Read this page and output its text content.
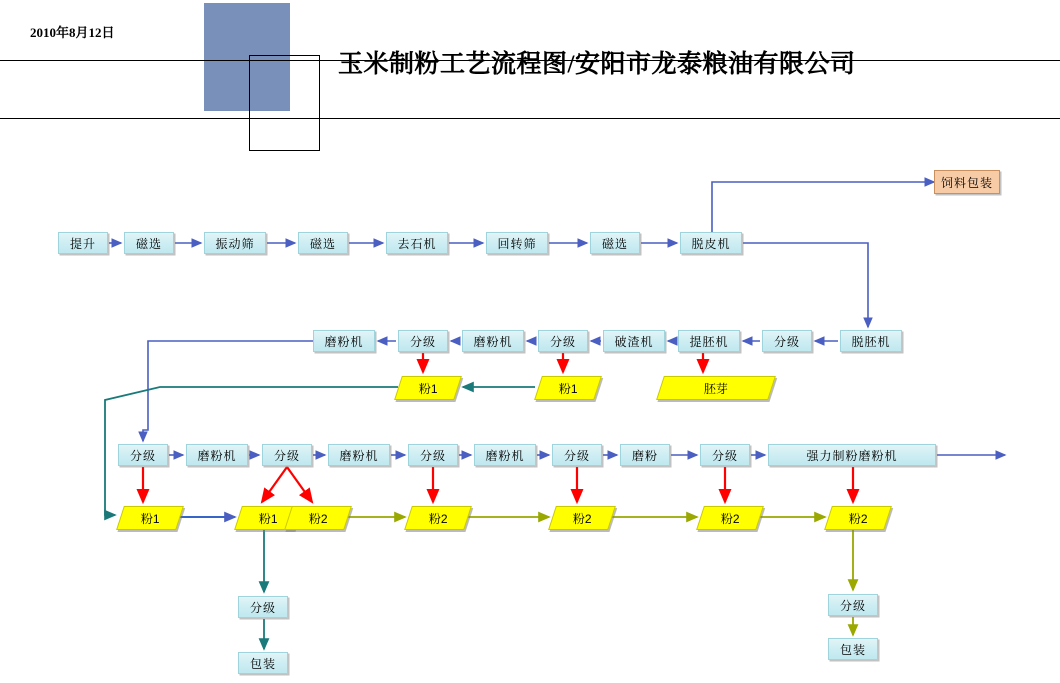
2010年8月12日
玉米制粉工艺流程图/安阳市龙泰粮油有限公司
饲料包装
提升	磁选	振动筛	磁选	去石机	回转筛	磁选	脱皮机
磨粉机	分级	磨粉机	分级	破渣机	提胚机	分级	脱胚机
粉1	粉1	胚芽
分级	磨粉机	分级	磨粉机	分级	磨粉机	分级	磨粉	分级	强力制粉磨粉机
粉1	粉1	粉2	粉2	粉2	粉2	粉2
分级
包装
分级
包装
